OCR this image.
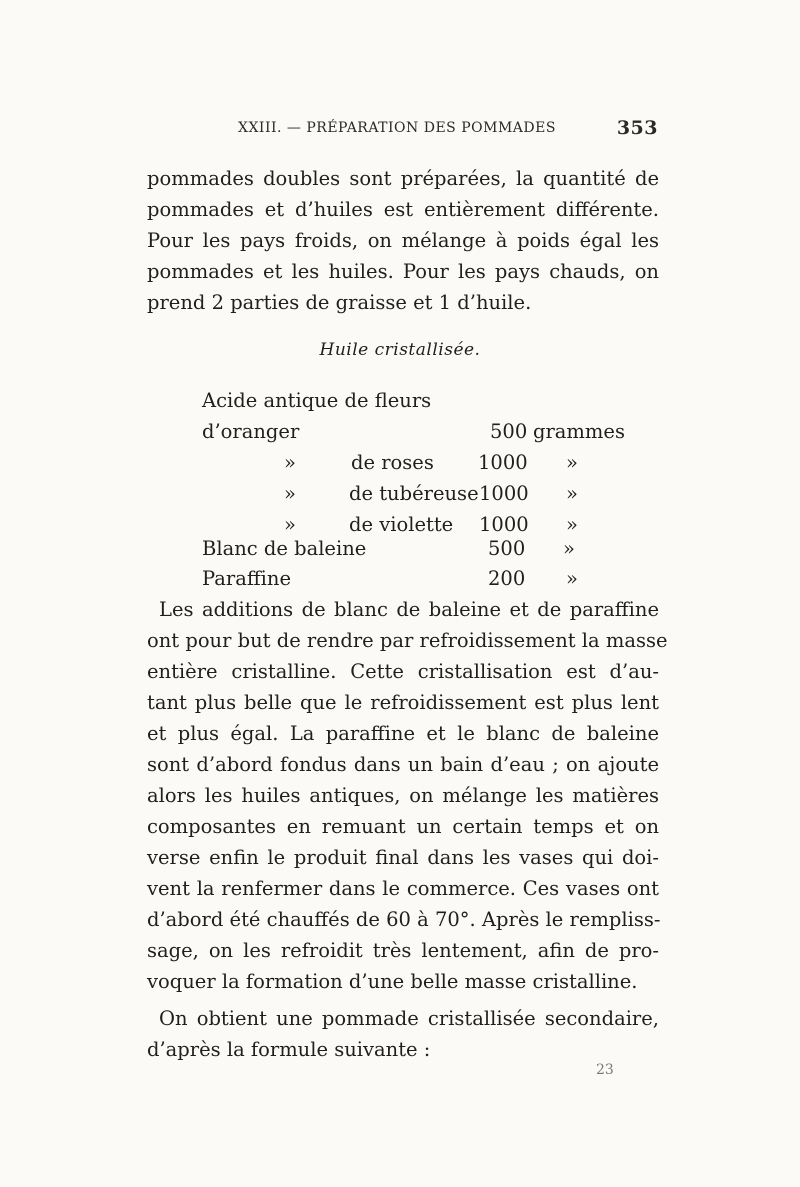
XXIII. — PRÉPARATION DES POMMADES	353
pommades doubles sont préparées, la quantité de
pommades et d’huiles est entièrement différente.
Pour les pays froids, on mélange à poids égal les
pommades et les huiles. Pour les pays chauds, on
prend 2 parties de graisse et 1 d’huile.
Huile cristallisée.
Acide antique de fleurs
d’oranger	500 grammes
»	de roses 1000 »
»	de tubéreuse 1000 »
»	de violette 1000 »
Blanc de baleine	500 »
Paraffine	200 »
Les additions de blanc de baleine et de paraffine
ont pour but de rendre par refroidissement la masse
entière cristalline. Cette cristallisation est d’au-
tant plus belle que le refroidissement est plus lent
et plus égal. La paraffine et le blanc de baleine
sont d’abord fondus dans un bain d’eau ; on ajoute
alors les huiles antiques, on mélange les matières
composantes en remuant un certain temps et on
verse enfin le produit final dans les vases qui doi-
vent la renfermer dans le commerce. Ces vases ont
d’abord été chauffés de 60 à 70°. Après le rempliss-
sage, on les refroidit très lentement, afin de pro-
voquer la formation d’une belle masse cristalline.
On obtient une pommade cristallisée secondaire,
d’après la formule suivante :
23
